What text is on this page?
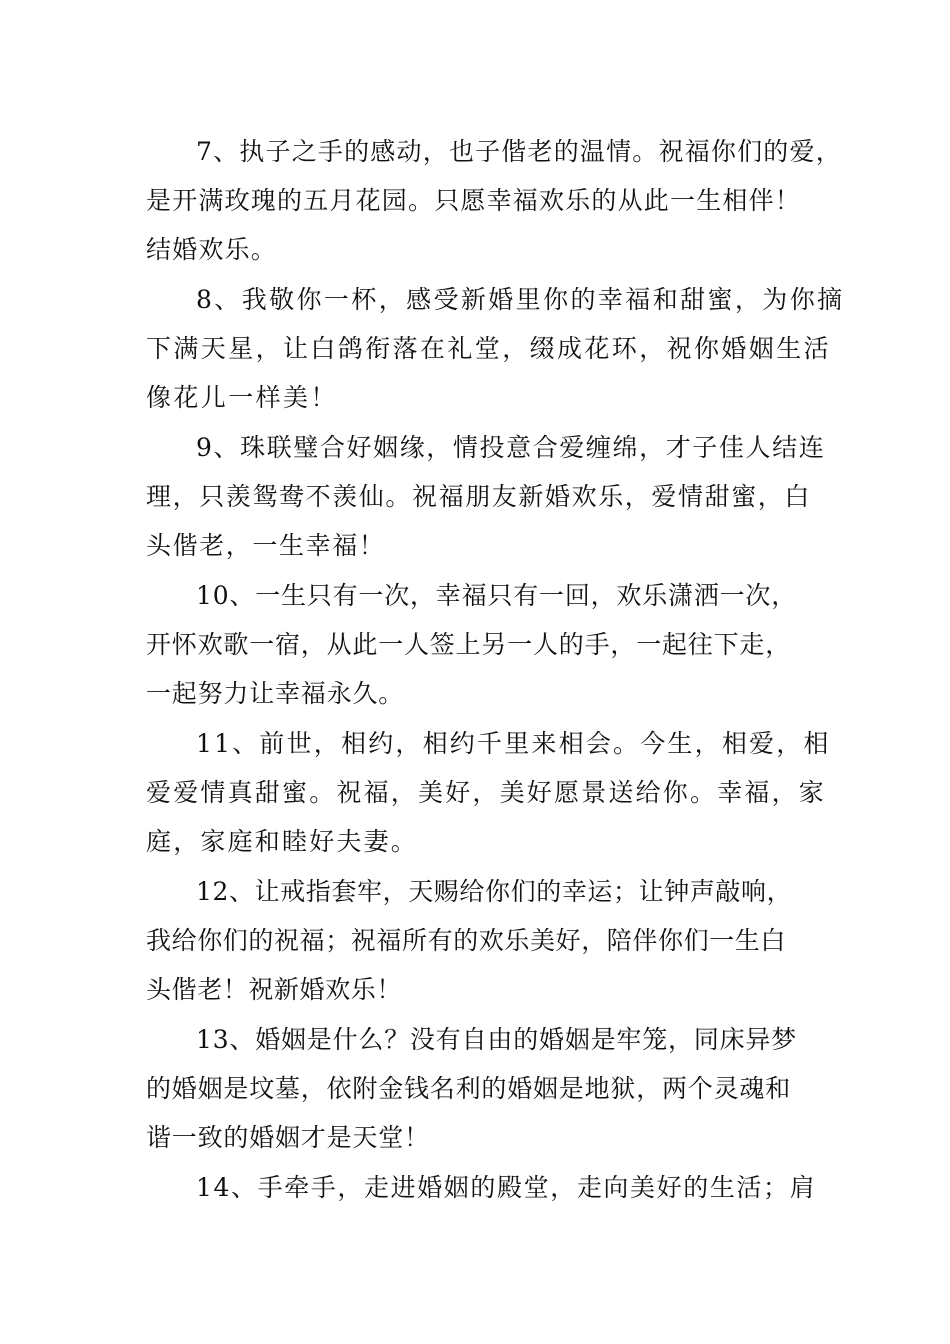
7、执子之手的感动，也子偕老的温情。祝福你们的爱，
是开满玫瑰的五月花园。只愿幸福欢乐的从此一生相伴！
结婚欢乐。
8、我敬你一杯，感受新婚里你的幸福和甜蜜，为你摘
下满天星，让白鸽衔落在礼堂，缀成花环，祝你婚姻生活
像花儿一样美！
9、珠联璧合好姻缘，情投意合爱缠绵，才子佳人结连
理，只羡鸳鸯不羡仙。祝福朋友新婚欢乐，爱情甜蜜，白
头偕老，一生幸福！
10、一生只有一次，幸福只有一回，欢乐潇洒一次，
开怀欢歌一宿，从此一人签上另一人的手，一起往下走，
一起努力让幸福永久。
11、前世，相约，相约千里来相会。今生，相爱，相
爱爱情真甜蜜。祝福，美好，美好愿景送给你。幸福，家
庭，家庭和睦好夫妻。
12、让戒指套牢，天赐给你们的幸运；让钟声敲响，
我给你们的祝福；祝福所有的欢乐美好，陪伴你们一生白
头偕老！祝新婚欢乐！
13、婚姻是什么？没有自由的婚姻是牢笼，同床异梦
的婚姻是坟墓，依附金钱名利的婚姻是地狱，两个灵魂和
谐一致的婚姻才是天堂！
14、手牵手，走进婚姻的殿堂，走向美好的生活；肩
